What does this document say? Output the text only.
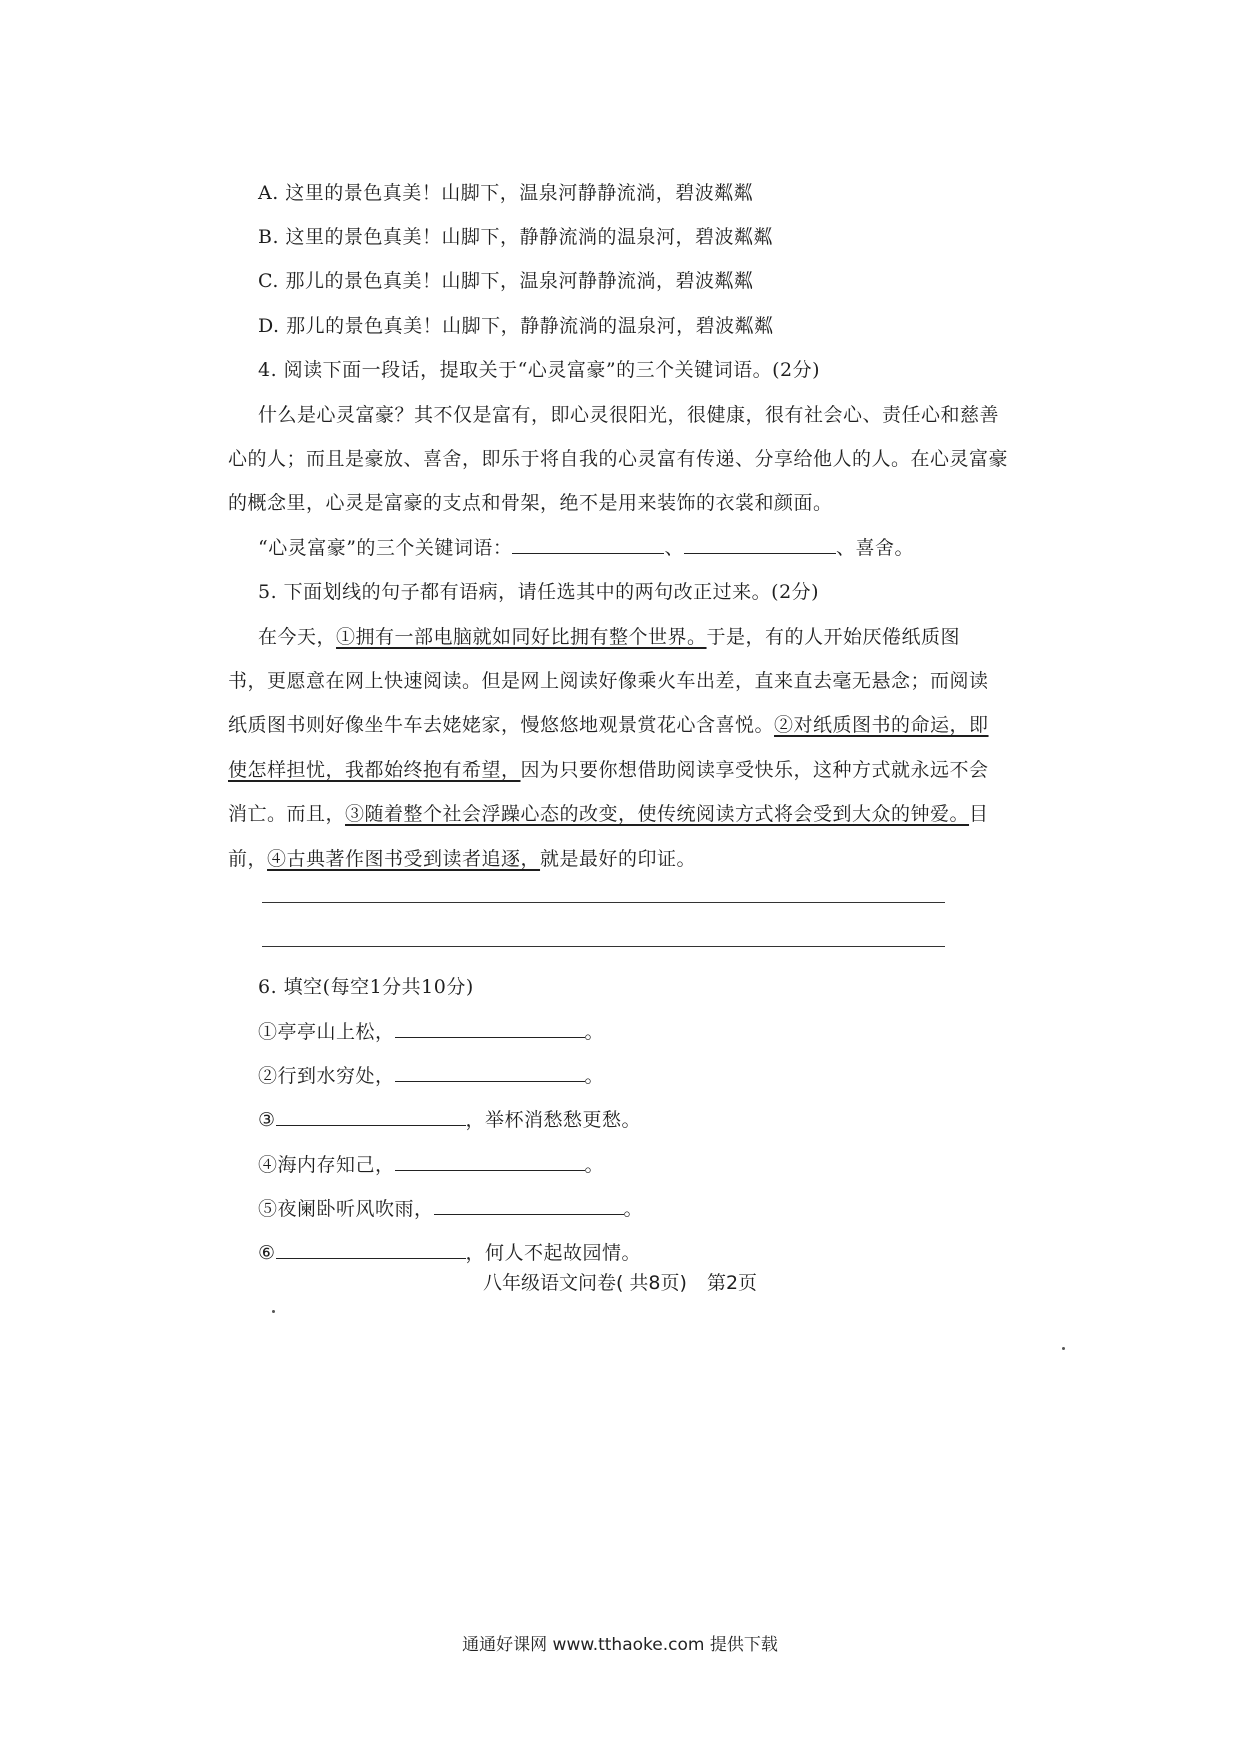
A. 这里的景色真美！山脚下，温泉河静静流淌，碧波粼粼
B. 这里的景色真美！山脚下，静静流淌的温泉河，碧波粼粼
C. 那儿的景色真美！山脚下，温泉河静静流淌，碧波粼粼
D. 那儿的景色真美！山脚下，静静流淌的温泉河，碧波粼粼
4. 阅读下面一段话，提取关于“心灵富豪”的三个关键词语。(2分)
什么是心灵富豪？其不仅是富有，即心灵很阳光，很健康，很有社会心、责任心和慈善
心的人；而且是豪放、喜舍，即乐于将自我的心灵富有传递、分享给他人的人。在心灵富豪
的概念里，心灵是富豪的支点和骨架，绝不是用来装饰的衣裳和颜面。
“心灵富豪”的三个关键词语：	、	、喜舍。
5. 下面划线的句子都有语病，请任选其中的两句改正过来。(2分)
在今天，①拥有一部电脑就如同好比拥有整个世界。于是，有的人开始厌倦纸质图
书，更愿意在网上快速阅读。但是网上阅读好像乘火车出差，直来直去毫无悬念；而阅读
纸质图书则好像坐牛车去姥姥家，慢悠悠地观景赏花心含喜悦。②对纸质图书的命运，即
使怎样担忧，我都始终抱有希望，因为只要你想借助阅读享受快乐，这种方式就永远不会
消亡。而且，③随着整个社会浮躁心态的改变，使传统阅读方式将会受到大众的钟爱。目
前，④古典著作图书受到读者追逐，就是最好的印证。
6. 填空(每空1分共10分)
①亭亭山上松，	。
②行到水穷处，	。
③	，举杯消愁愁更愁。
④海内存知己，	。
⑤夜阑卧听风吹雨，	。
⑥	，何人不起故园情。
八年级语文问卷( 共8页) 第2页
通通好课网 www.tthaoke.com 提供下载
